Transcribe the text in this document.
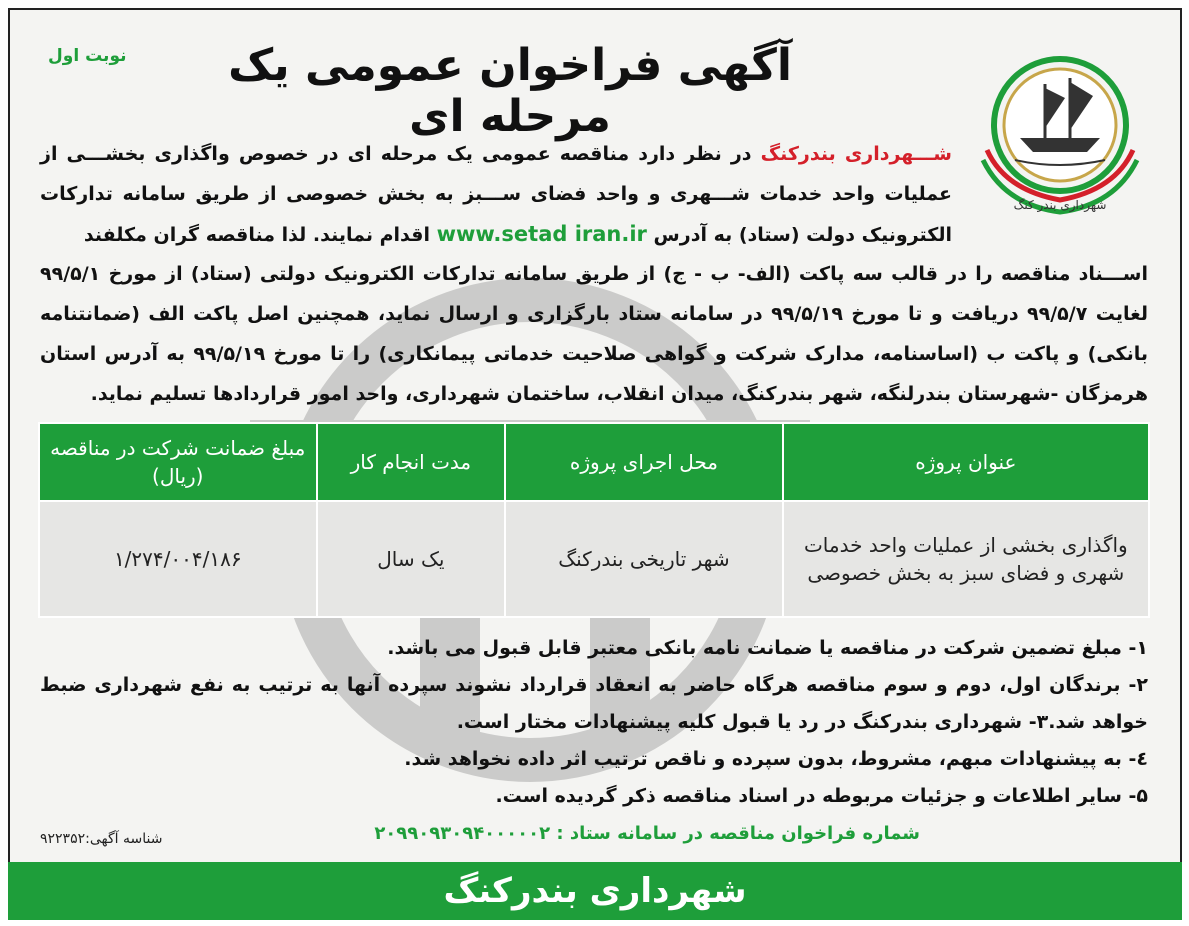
نوبت اول	آگهی فراخوان عمومی یک مرحله ای
شهرداری بندر کنگ
شـــهرداری بندرکنگ در نظر دارد مناقصه عمومی یک مرحله ای در خصوص واگذاری بخشـــی از عملیات واحد خدمات شـــهری و واحد فضای ســـبز به بخش خصوصی از طریق سامانه تدارکات الکترونیک دولت (ستاد) به آدرس www.setad iran.ir اقدام نمایند. لذا مناقصه گران مکلفند
اســـناد مناقصه را در قالب سه پاکت (الف- ب - ج) از طریق سامانه تدارکات الکترونیک دولتی (ستاد) از مورخ ۹۹/۵/۱ لغایت ۹۹/۵/۷ دریافت و تا مورخ ۹۹/۵/۱۹ در سامانه ستاد بارگزاری و ارسال نماید، همچنین اصل پاکت الف (ضمانتنامه بانکی) و پاکت ب (اساسنامه، مدارک شرکت و گواهی صلاحیت خدماتی پیمانکاری) را تا مورخ ۹۹/۵/۱۹ به آدرس استان هرمزگان -شهرستان بندرلنگه، شهر بندرکنگ، میدان انقلاب، ساختمان شهرداری، واحد امور قراردادها تسلیم نماید.
عنوان پروژه	محل اجرای پروژه	مدت انجام کار	مبلغ ضمانت شرکت در مناقصه (ریال)
واگذاری بخشی از عملیات واحد خدمات شهری و فضای سبز به بخش خصوصی	شهر تاریخی بندرکنگ	یک سال	۱/۲۷۴/۰۰۴/۱۸۶

۱- مبلغ تضمین شرکت در مناقصه یا ضمانت نامه بانکی معتبر قابل قبول می باشد.

۲- برندگان اول، دوم و سوم مناقصه هرگاه حاضر به انعقاد قرارداد نشوند سپرده آنها به ترتیب به نفع شهرداری ضبط خواهد شد.۳- شهرداری بندرکنگ در رد یا قبول کلیه پیشنهادات مختار است.

٤- به پیشنهادات مبهم، مشروط، بدون سپرده و ناقص ترتیب اثر داده نخواهد شد.

۵- سایر اطلاعات و جزئیات مربوطه در اسناد مناقصه ذکر گردیده است.

شماره فراخوان مناقصه در سامانه ستاد : ۲۰۹۹۰۹۳۰۹۴۰۰۰۰۰۲
شناسه آگهی:۹۲۲۳۵۲
شهرداری بندرکنگ
